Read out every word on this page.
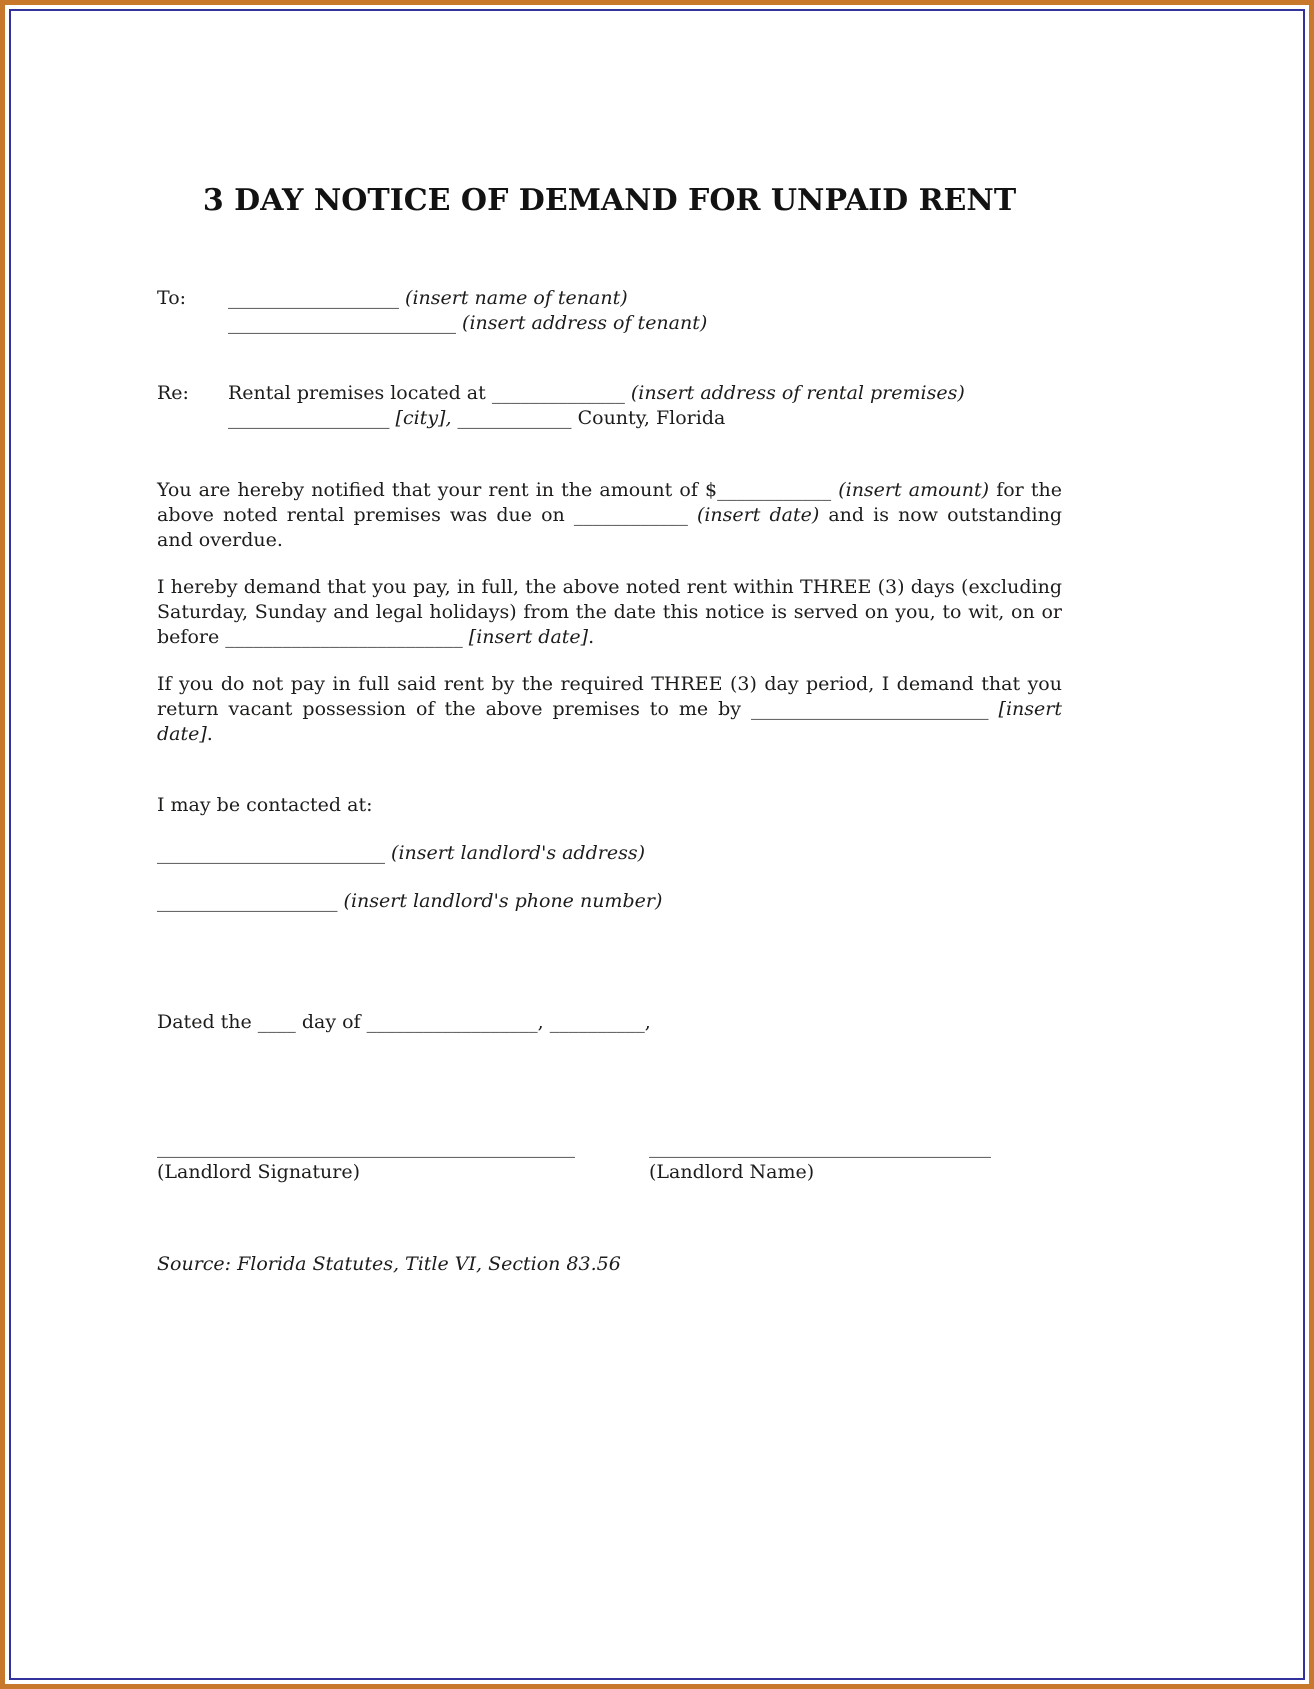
3 DAY NOTICE OF DEMAND FOR UNPAID RENT
To:	__________________ (insert name of tenant)
________________________ (insert address of tenant)
Re:	Rental premises located at ______________ (insert address of rental premises)
_________________ [city], ____________ County, Florida

You are hereby notified that your rent in the amount of $____________ (insert amount) for the above noted rental premises was due on ____________ (insert date) and is now outstanding and overdue.

I hereby demand that you pay, in full, the above noted rent within THREE (3) days (excluding Saturday, Sunday and legal holidays) from the date this notice is served on you, to wit, on or before _________________________ [insert date].

If you do not pay in full said rent by the required THREE (3) day period, I demand that you return vacant possession of the above premises to me by _________________________ [insert date].

I may be contacted at:
________________________ (insert landlord's address)
___________________ (insert landlord's phone number)
Dated the ____ day of __________________, __________,
____________________________________________
(Landlord Signature)
____________________________________
(Landlord Name)
Source: Florida Statutes, Title VI, Section 83.56
